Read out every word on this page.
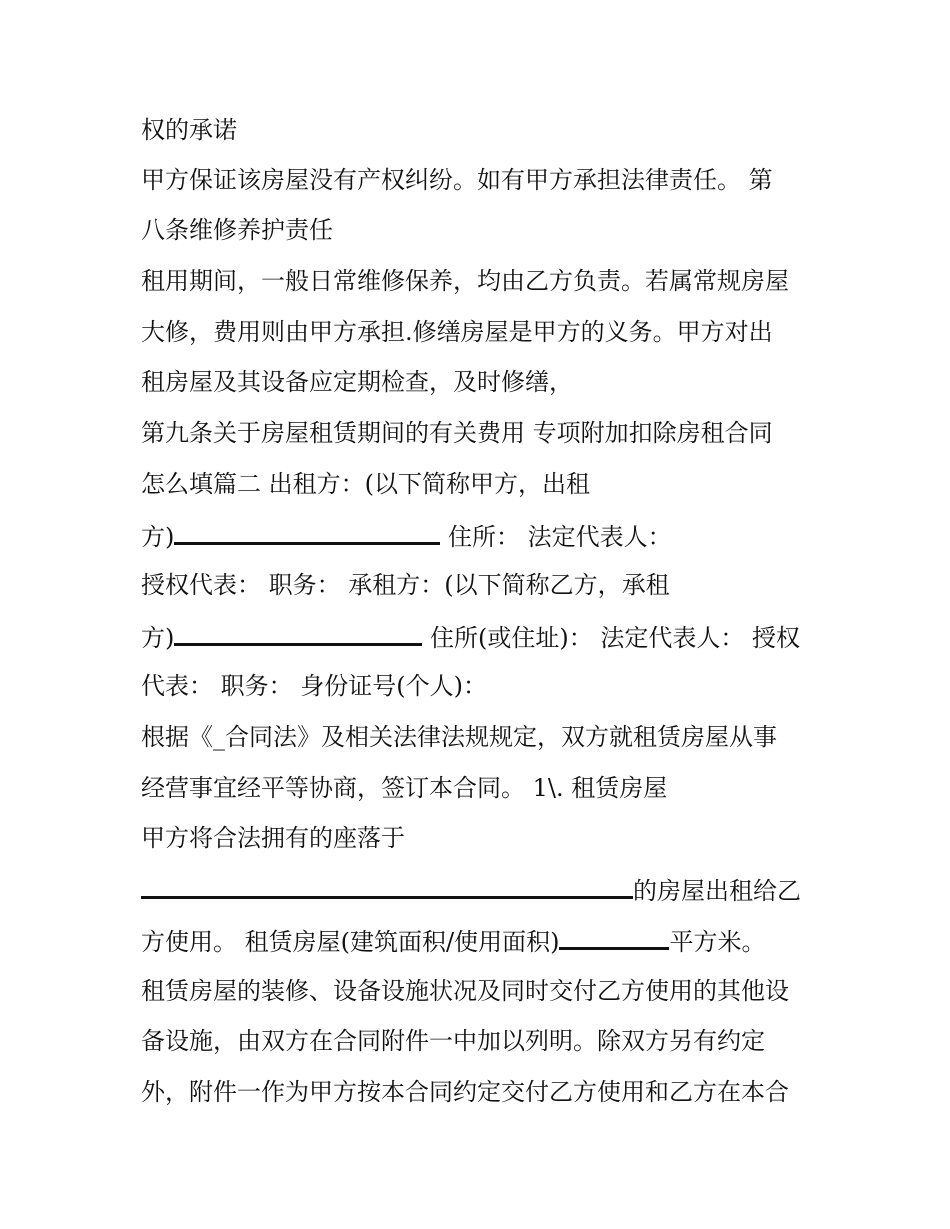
权的承诺
甲方保证该房屋没有产权纠纷。如有甲方承担法律责任。 第
八条维修养护责任
租用期间，一般日常维修保养，均由乙方负责。若属常规房屋
大修，费用则由甲方承担.修缮房屋是甲方的义务。甲方对出
租房屋及其设备应定期检查，及时修缮，
第九条关于房屋租赁期间的有关费用 专项附加扣除房租合同
怎么填篇二 出租方：(以下简称甲方，出租
方)	住所： 法定代表人：
授权代表： 职务： 承租方：(以下简称乙方，承租
方)	住所(或住址)： 法定代表人： 授权
代表： 职务： 身份证号(个人)：
根据《_合同法》及相关法律法规规定，双方就租赁房屋从事
经营事宜经平等协商，签订本合同。 1\. 租赁房屋
甲方将合法拥有的座落于
的房屋出租给乙
方使用。 租赁房屋(建筑面积/使用面积)	平方米。
租赁房屋的装修、设备设施状况及同时交付乙方使用的其他设
备设施，由双方在合同附件一中加以列明。除双方另有约定
外，附件一作为甲方按本合同约定交付乙方使用和乙方在本合
